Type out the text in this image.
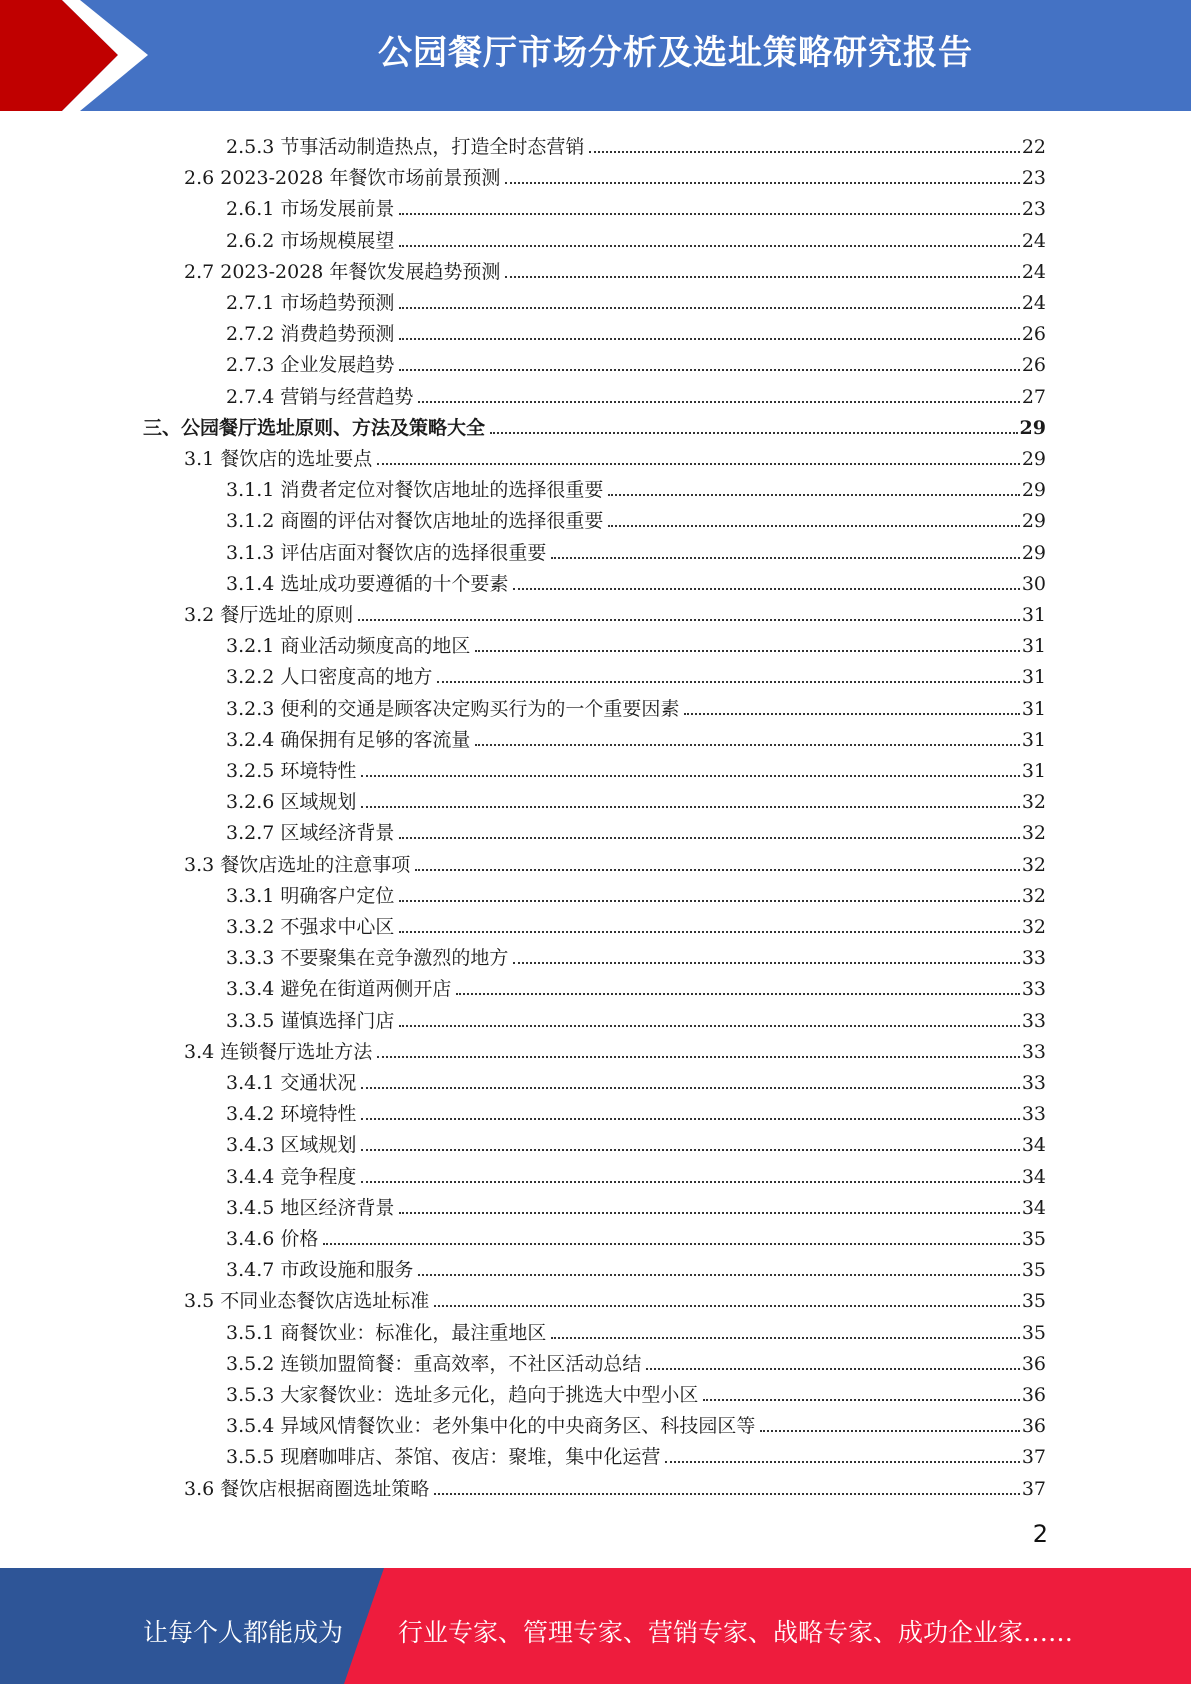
公园餐厅市场分析及选址策略研究报告
2.5.3 节事活动制造热点，打造全时态营销	22
2.6 2023-2028 年餐饮市场前景预测	23
2.6.1 市场发展前景	23
2.6.2 市场规模展望	24
2.7 2023-2028 年餐饮发展趋势预测	24
2.7.1 市场趋势预测	24
2.7.2 消费趋势预测	26
2.7.3 企业发展趋势	26
2.7.4 营销与经营趋势	27
三、公园餐厅选址原则、方法及策略大全	29
3.1 餐饮店的选址要点	29
3.1.1 消费者定位对餐饮店地址的选择很重要	29
3.1.2 商圈的评估对餐饮店地址的选择很重要	29
3.1.3 评估店面对餐饮店的选择很重要	29
3.1.4 选址成功要遵循的十个要素	30
3.2 餐厅选址的原则	31
3.2.1 商业活动频度高的地区	31
3.2.2 人口密度高的地方	31
3.2.3 便利的交通是顾客决定购买行为的一个重要因素	31
3.2.4 确保拥有足够的客流量	31
3.2.5 环境特性	31
3.2.6 区域规划	32
3.2.7 区域经济背景	32
3.3 餐饮店选址的注意事项	32
3.3.1 明确客户定位	32
3.3.2 不强求中心区	32
3.3.3 不要聚集在竞争激烈的地方	33
3.3.4 避免在街道两侧开店	33
3.3.5 谨慎选择门店	33
3.4 连锁餐厅选址方法	33
3.4.1 交通状况	33
3.4.2 环境特性	33
3.4.3 区域规划	34
3.4.4 竞争程度	34
3.4.5 地区经济背景	34
3.4.6 价格	35
3.4.7 市政设施和服务	35
3.5 不同业态餐饮店选址标准	35
3.5.1 商餐饮业：标准化，最注重地区	35
3.5.2 连锁加盟简餐：重高效率，不社区活动总结	36
3.5.3 大家餐饮业：选址多元化，趋向于挑选大中型小区	36
3.5.4 异域风情餐饮业：老外集中化的中央商务区、科技园区等	36
3.5.5 现磨咖啡店、茶馆、夜店：聚堆，集中化运营	37
3.6 餐饮店根据商圈选址策略	37
2
让每个人都能成为 行业专家、管理专家、营销专家、战略专家、成功企业家……
